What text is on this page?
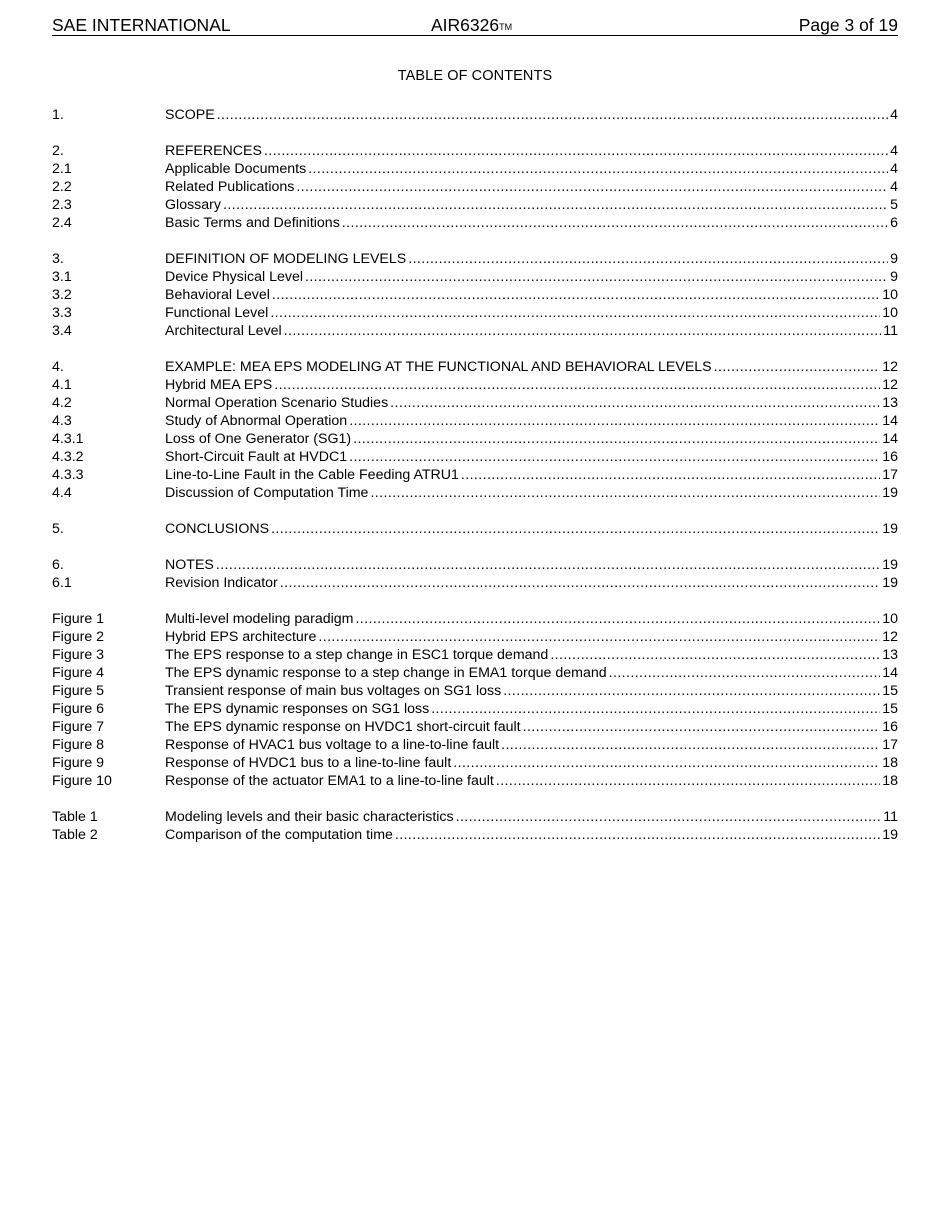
SAE INTERNATIONAL	AIR6326™	Page 3 of 19
TABLE OF CONTENTS
1.	SCOPE .....	4
2.	REFERENCES .....	4
2.1	Applicable Documents .....	4
2.2	Related Publications .....	4
2.3	Glossary .....	5
2.4	Basic Terms and Definitions .....	6
3.	DEFINITION OF MODELING LEVELS .....	9
3.1	Device Physical Level .....	9
3.2	Behavioral Level .....	10
3.3	Functional Level .....	10
3.4	Architectural Level .....	11
4.	EXAMPLE: MEA EPS MODELING AT THE FUNCTIONAL AND BEHAVIORAL LEVELS .....	12
4.1	Hybrid MEA EPS .....	12
4.2	Normal Operation Scenario Studies .....	13
4.3	Study of Abnormal Operation .....	14
4.3.1	Loss of One Generator (SG1) .....	14
4.3.2	Short-Circuit Fault at HVDC1 .....	16
4.3.3	Line-to-Line Fault in the Cable Feeding ATRU1 .....	17
4.4	Discussion of Computation Time .....	19
5.	CONCLUSIONS .....	19
6.	NOTES .....	19
6.1	Revision Indicator .....	19
Figure 1	Multi-level modeling paradigm .....	10
Figure 2	Hybrid EPS architecture .....	12
Figure 3	The EPS response to a step change in ESC1 torque demand .....	13
Figure 4	The EPS dynamic response to a step change in EMA1 torque demand .....	14
Figure 5	Transient response of main bus voltages on SG1 loss .....	15
Figure 6	The EPS dynamic responses on SG1 loss .....	15
Figure 7	The EPS dynamic response on HVDC1 short-circuit fault .....	16
Figure 8	Response of HVAC1 bus voltage to a line-to-line fault .....	17
Figure 9	Response of HVDC1 bus to a line-to-line fault .....	18
Figure 10	Response of the actuator EMA1 to a line-to-line fault .....	18
Table 1	Modeling levels and their basic characteristics .....	11
Table 2	Comparison of the computation time .....	19
